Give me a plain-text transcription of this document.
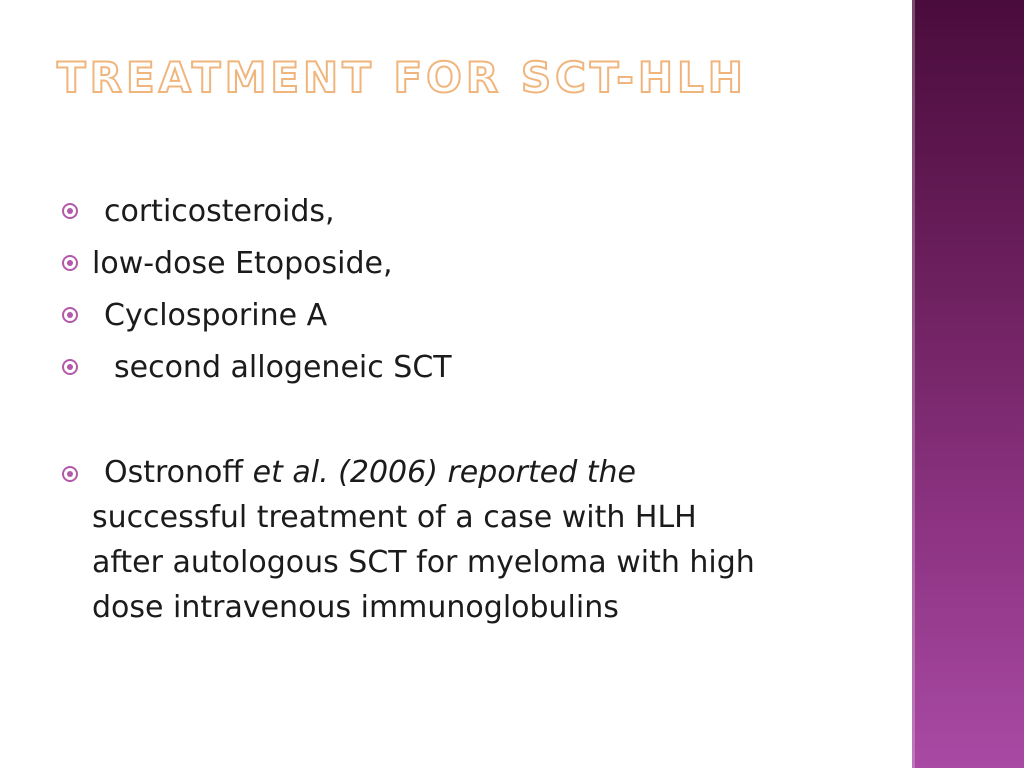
TREATMENT FOR SCT-HLH
corticosteroids,
low-dose Etoposide,
Cyclosporine A
second allogeneic SCT
Ostronoff et al. (2006) reported the
successful treatment of a case with HLH
after autologous SCT for myeloma with high
dose intravenous immunoglobulins
